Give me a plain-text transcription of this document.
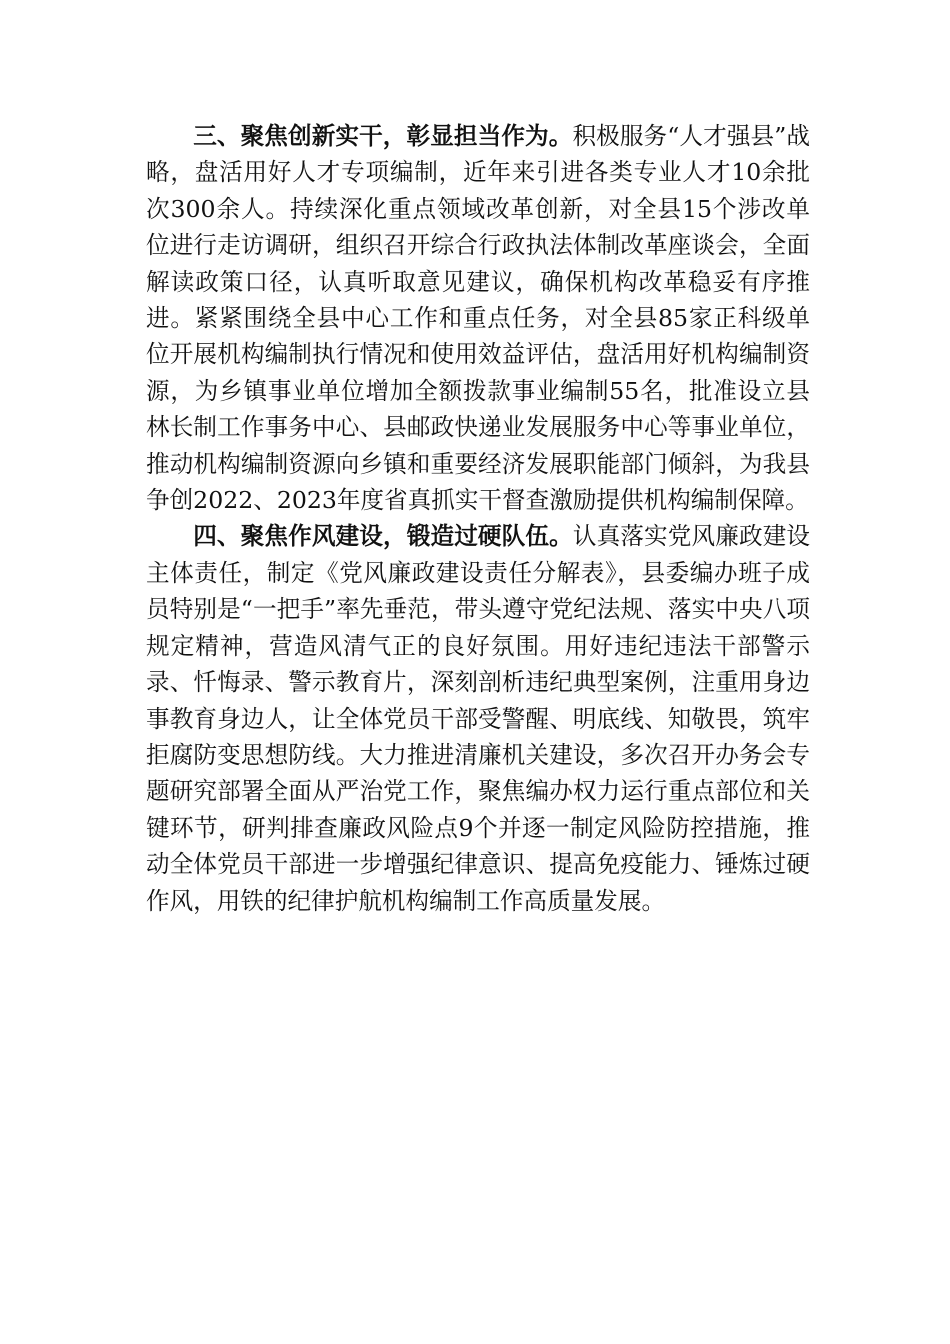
三、聚焦创新实干，彰显担当作为。积极服务“人才强县”战略，盘活用好人才专项编制，近年来引进各类专业人才10余批次300余人。持续深化重点领域改革创新，对全县15个涉改单位进行走访调研，组织召开综合行政执法体制改革座谈会，全面解读政策口径，认真听取意见建议，确保机构改革稳妥有序推进。紧紧围绕全县中心工作和重点任务，对全县85家正科级单位开展机构编制执行情况和使用效益评估，盘活用好机构编制资源，为乡镇事业单位增加全额拨款事业编制55名，批准设立县林长制工作事务中心、县邮政快递业发展服务中心等事业单位，推动机构编制资源向乡镇和重要经济发展职能部门倾斜，为我县争创2022、2023年度省真抓实干督查激励提供机构编制保障。

四、聚焦作风建设，锻造过硬队伍。认真落实党风廉政建设主体责任，制定《党风廉政建设责任分解表》，县委编办班子成员特别是“一把手”率先垂范，带头遵守党纪法规、落实中央八项规定精神，营造风清气正的良好氛围。用好违纪违法干部警示录、忏悔录、警示教育片，深刻剖析违纪典型案例，注重用身边事教育身边人，让全体党员干部受警醒、明底线、知敬畏，筑牢拒腐防变思想防线。大力推进清廉机关建设，多次召开办务会专题研究部署全面从严治党工作，聚焦编办权力运行重点部位和关键环节，研判排查廉政风险点9个并逐一制定风险防控措施，推动全体党员干部进一步增强纪律意识、提高免疫能力、锤炼过硬作风，用铁的纪律护航机构编制工作高质量发展。
